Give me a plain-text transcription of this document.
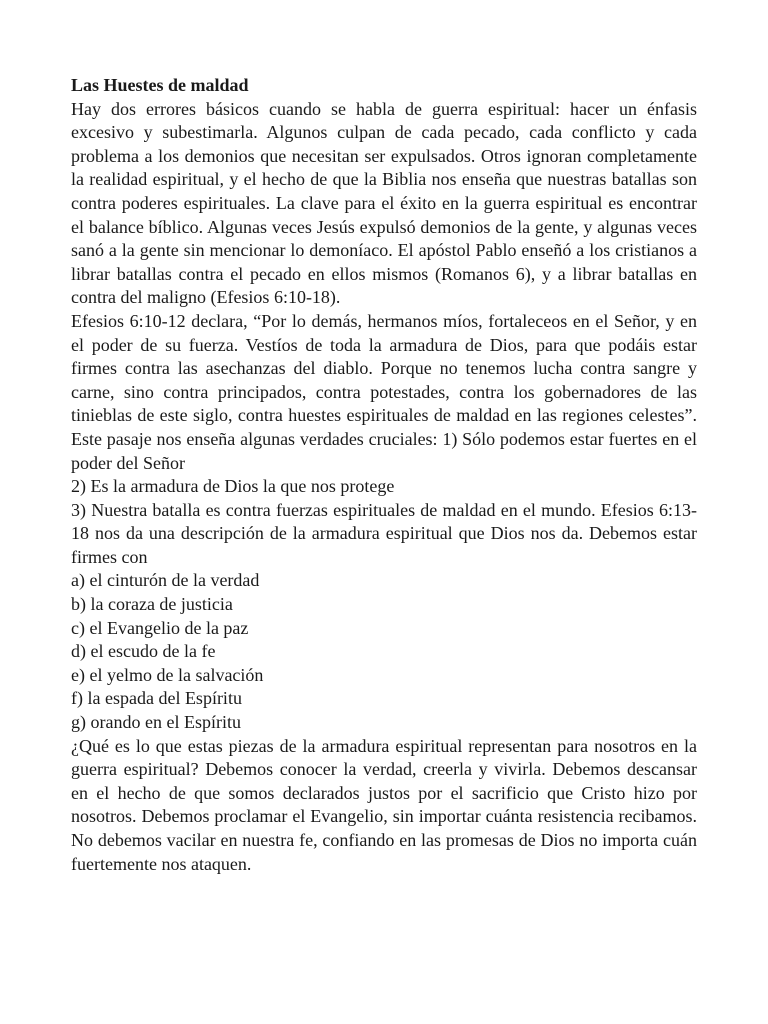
Las Huestes de maldad

Hay dos errores básicos cuando se habla de guerra espiritual: hacer un énfasis excesivo y subestimarla. Algunos culpan de cada pecado, cada conflicto y cada problema a los demonios que necesitan ser expulsados. Otros ignoran completamente la realidad espiritual, y el hecho de que la Biblia nos enseña que nuestras batallas son contra poderes espirituales. La clave para el éxito en la guerra espiritual es encontrar el balance bíblico. Algunas veces Jesús expulsó demonios de la gente, y algunas veces sanó a la gente sin mencionar lo demoníaco. El apóstol Pablo enseñó a los cristianos a librar batallas contra el pecado en ellos mismos (Romanos 6), y a librar batallas en contra del maligno (Efesios 6:10-18).

Efesios 6:10-12 declara, “Por lo demás, hermanos míos, fortaleceos en el Señor, y en el poder de su fuerza. Vestíos de toda la armadura de Dios, para que podáis estar firmes contra las asechanzas del diablo. Porque no tenemos lucha contra sangre y carne, sino contra principados, contra potestades, contra los gobernadores de las tinieblas de este siglo, contra huestes espirituales de maldad en las regiones celestes”. Este pasaje nos enseña algunas verdades cruciales: 1) Sólo podemos estar fuertes en el poder del Señor

2) Es la armadura de Dios la que nos protege

3) Nuestra batalla es contra fuerzas espirituales de maldad en el mundo. Efesios 6:13-18 nos da una descripción de la armadura espiritual que Dios nos da. Debemos estar firmes con

a) el cinturón de la verdad

b) la coraza de justicia

c) el Evangelio de la paz

d) el escudo de la fe

e) el yelmo de la salvación

f) la espada del Espíritu

g) orando en el Espíritu

¿Qué es lo que estas piezas de la armadura espiritual representan para nosotros en la guerra espiritual? Debemos conocer la verdad, creerla y vivirla. Debemos descansar en el hecho de que somos declarados justos por el sacrificio que Cristo hizo por nosotros. Debemos proclamar el Evangelio, sin importar cuánta resistencia recibamos. No debemos vacilar en nuestra fe, confiando en las promesas de Dios no importa cuán fuertemente nos ataquen.
